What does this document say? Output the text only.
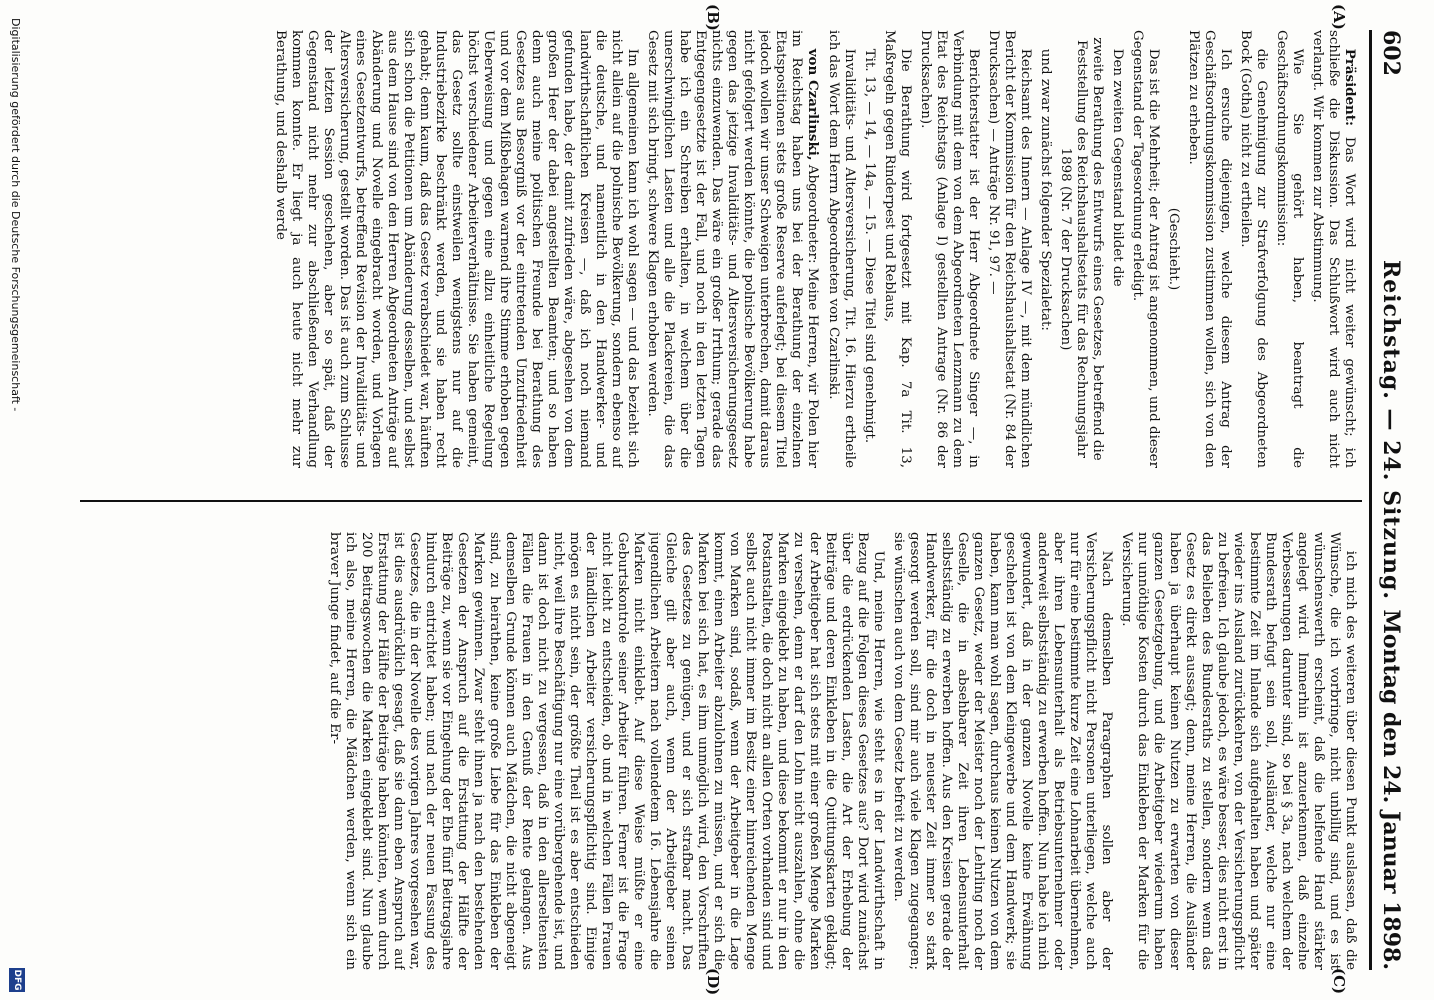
602
Reichstag. — 24. Sitzung.
Montag den 24. Januar 1898.
(A)
(B)
(C)
(D)

Präsident: Das Wort wird nicht weiter gewünscht; ich schließe die Diskussion. Das Schlußwort wird auch nicht verlangt. Wir kommen zur Abstimmung.

Wie Sie gehört haben, beantragt die Geschäftsordnungskommission:

die Genehmigung zur Strafverfolgung des Abgeordneten Bock (Gotha) nicht zu ertheilen.

Ich ersuche diejenigen, welche diesem Antrag der Geschäftsordnungskommission zustimmen wollen, sich von den Plätzen zu erheben.

(Geschieht.)

Das ist die Mehrheit; der Antrag ist angenommen, und dieser Gegenstand der Tagesordnung erledigt.

Den zweiten Gegenstand bildet die

zweite Berathung des Entwurfs eines Gesetzes, betreffend die Feststellung des Reichshaushaltsetats für das Rechnungsjahr 1898 (Nr. 7 der Drucksachen)

und zwar zunächst folgender Spezialetat:

Reichsamt des Innern — Anlage IV —, mit dem mündlichen Bericht der Kommission für den Reichshaushaltsetat (Nr. 84 der Drucksachen) — Anträge Nr. 91, 97. —

Berichterstatter ist der Herr Abgeordnete Singer —, in Verbindung mit dem von dem Abgeordneten Lenzmann zu dem Etat des Reichstags (Anlage I) gestellten Antrage (Nr. 86 der Drucksachen).

Die Berathung wird fortgesetzt mit Kap. 7a Tit. 13, Maßregeln gegen Rinderpest und Reblaus,

Tit. 13, — 14, — 14a, — 15. — Diese Titel sind genehmigt.

Invaliditäts- und Altersversicherung, Tit. 16. Hierzu ertheile ich das Wort dem Herrn Abgeordneten von Czarlinski.

von Czarlinski, Abgeordneter: Meine Herren, wir Polen hier im Reichstag haben uns bei der Berathung der einzelnen Etatspositionen stets große Reserve auferlegt; bei diesem Titel jedoch wollen wir unser Schweigen unterbrechen, damit daraus nicht gefolgert werden könnte, die polnische Bevölkerung habe gegen das jetzige Invaliditäts- und Altersversicherungsgesetz nichts einzuwenden. Das wäre ein großer Irrthum; gerade das Entgegengesetzte ist der Fall, und noch in den letzten Tagen habe ich ein Schreiben erhalten, in welchem über die unerschwinglichen Lasten und alle die Plackereien, die das Gesetz mit sich bringt, schwere Klagen erhoben werden.

Im allgemeinen kann ich wohl sagen — und das bezieht sich nicht allein auf die polnische Bevölkerung, sondern ebenso auf die deutsche, und namentlich in den Handwerker- und landwirthschaftlichen Kreisen —, daß ich noch niemand gefunden habe, der damit zufrieden wäre, abgesehen von dem großen Heer der dabei angestellten Beamten; und so haben denn auch meine politischen Freunde bei Berathung des Gesetzes aus Besorgniß vor der eintretenden Unzufriedenheit und vor dem Mißbehagen warnend ihre Stimme erhoben gegen Ueberweisung und gegen eine allzu einheitliche Regelung höchst verschiedener Arbeiterverhältnisse. Sie haben gemeint, das Gesetz sollte einstweilen wenigstens nur auf die Industriebezirke beschränkt werden, und sie haben recht gehabt; denn kaum, daß das Gesetz verabschiedet war, häuften sich schon die Petitionen um Abänderung desselben, und selbst aus dem Hause sind von den Herren Abgeordneten Anträge auf Abänderung und Novelle eingebracht worden, und Vorlagen eines Gesetzentwurfs, betreffend Revision der Invaliditäts- und Altersversicherung, gestellt worden. Das ist auch zum Schlusse der letzten Session geschehen, aber so spät, daß der Gegenstand nicht mehr zur abschließenden Verhandlung kommen konnte. Er liegt ja auch heute nicht mehr zur Berathung, und deshalb werde

ich mich des weiteren über diesen Punkt auslassen, daß die Wünsche, die ich vorbringe, nicht unbillig sind, und es ist wünschenswerth erscheint, daß die helfende Hand stärker angelegt wird. Immerhin ist anzuerkennen, daß einzelne Verbesserungen darunter sind, so bei § 3a, nach welchem der Bundesrath befugt sein soll, Ausländer, welche nur eine bestimmte Zeit im Inlande sich aufgehalten haben und später wieder ins Ausland zurückkehren, von der Versicherungspflicht zu befreien. Ich glaube jedoch, es wäre besser, dies nicht erst in das Belieben des Bundesraths zu stellen, sondern wenn das Gesetz es direkt aussagt; denn, meine Herren, die Ausländer haben ja überhaupt keinen Nutzen zu erwarten von dieser ganzen Gesetzgebung, und die Arbeitgeber wiederum haben nur unnöthige Kosten durch das Einkleben der Marken für die Versicherung.

Nach demselben Paragraphen sollen aber der Versicherungspflicht nicht Personen unterliegen, welche auch nur für eine bestimmte kurze Zeit eine Lohnarbeit übernehmen, aber ihren Lebensunterhalt als Betriebsunternehmer oder anderweit selbstständig zu erwerben hoffen. Nun habe ich mich gewundert, daß in der ganzen Novelle keine Erwähnung geschehen ist von dem Kleingewerbe und dem Handwerk; sie haben, kann man wohl sagen, durchaus keinen Nutzen von dem ganzen Gesetz, weder der Meister noch der Lehrling noch der Geselle, die in absehbarer Zeit ihren Lebensunterhalt selbstständig zu erwerben hoffen. Aus den Kreisen gerade der Handwerker, für die doch in neuester Zeit immer so stark gesorgt werden soll, sind mir auch viele Klagen zugegangen; sie wünschen auch von dem Gesetz befreit zu werden.

Und, meine Herren, wie steht es in der Landwirthschaft in Bezug auf die Folgen dieses Gesetzes aus? Dort wird zunächst über die erdrückenden Lasten, die Art der Erhebung der Beiträge und deren Einkleben in die Quittungskarten geklagt; der Arbeitgeber hat sich stets mit einer großen Menge Marken zu versehen, denn er darf den Lohn nicht auszahlen, ohne die Marken eingeklebt zu haben, und diese bekommt er nur in den Postanstalten, die doch nicht an allen Orten vorhanden sind und selbst auch nicht immer im Besitz einer hinreichenden Menge von Marken sind, sodaß, wenn der Arbeitgeber in die Lage kommt, einen Arbeiter abzulohnen zu müssen, und er sich die Marken bei sich hat, es ihm unmöglich wird, den Vorschriften des Gesetzes zu genügen, und er sich strafbar macht. Das Gleiche gilt aber auch, wenn der Arbeitgeber seinen jugendlichen Arbeitern nach vollendetem 16. Lebensjahre die Marken nicht einklebt. Auf diese Weise müßte er eine Geburtskontrole seiner Arbeiter führen. Ferner ist die Frage nicht leicht zu entscheiden, ob und in welchen Fällen Frauen der ländlichen Arbeiter versicherungspflichtig sind. Einige mögen es nicht sein, der größte Theil ist es aber entschieden nicht, weil ihre Beschäftigung nur eine vorübergehende ist, und dann ist doch nicht zu vergessen, daß in den allerseltensten Fällen die Frauen in den Genuß der Rente gelangen. Aus demselben Grunde können auch Mädchen, die nicht abgeneigt sind, zu heirathen, keine große Liebe für das Einkleben der Marken gewinnen. Zwar steht ihnen ja nach den bestehenden Gesetzen der Anspruch auf die Erstattung der Hälfte der Beiträge zu, wenn sie vor Eingehung der Ehe fünf Beitragsjahre hindurch entrichtet haben; und nach der neuen Fassung des Gesetzes, die in der Novelle des vorigen Jahres vorgesehen war, ist dies ausdrücklich gesagt, daß sie dann eben Anspruch auf Erstattung der Hälfte der Beiträge haben könnten, wenn durch 200 Beitragswochen die Marken eingeklebt sind. Nun glaube ich also, meine Herren, die Mädchen werden, wenn sich ein braver Junge findet, auf die Er-

Digitalisierung gefördert durch die Deutsche Forschungsgemeinschaft -
DFG
